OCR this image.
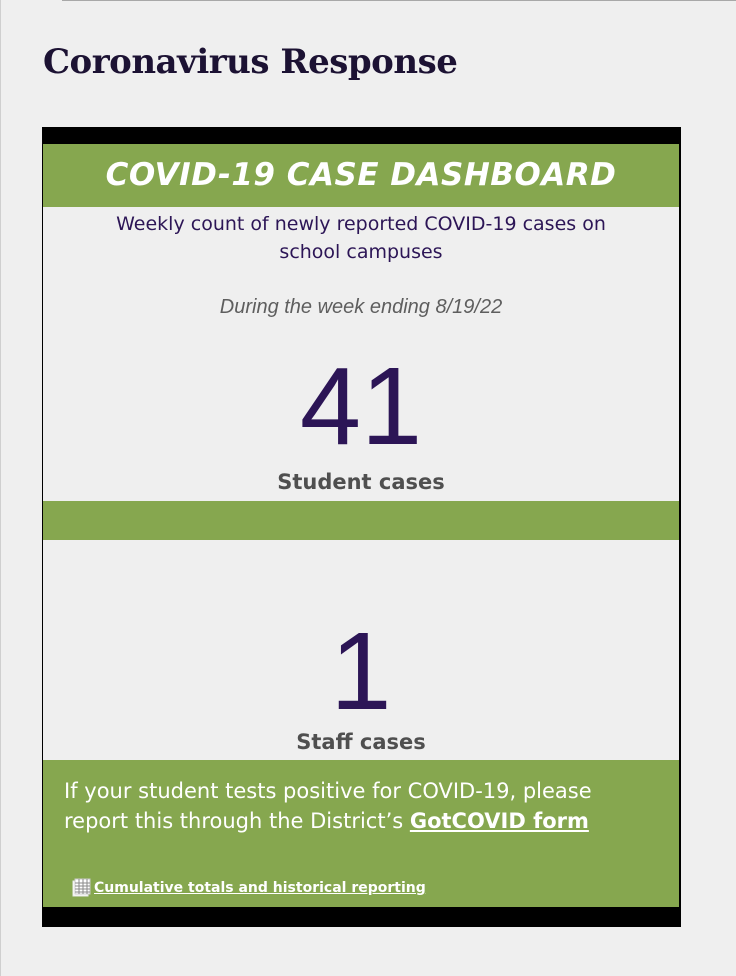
Coronavirus Response
COVID-19 CASE DASHBOARD
Weekly count of newly reported COVID-19 cases on school campuses
During the week ending 8/19/22
41
Student cases
1
Staff cases
If your student tests positive for COVID-19, please report this through the District’s GotCOVID form
Cumulative totals and historical reporting
